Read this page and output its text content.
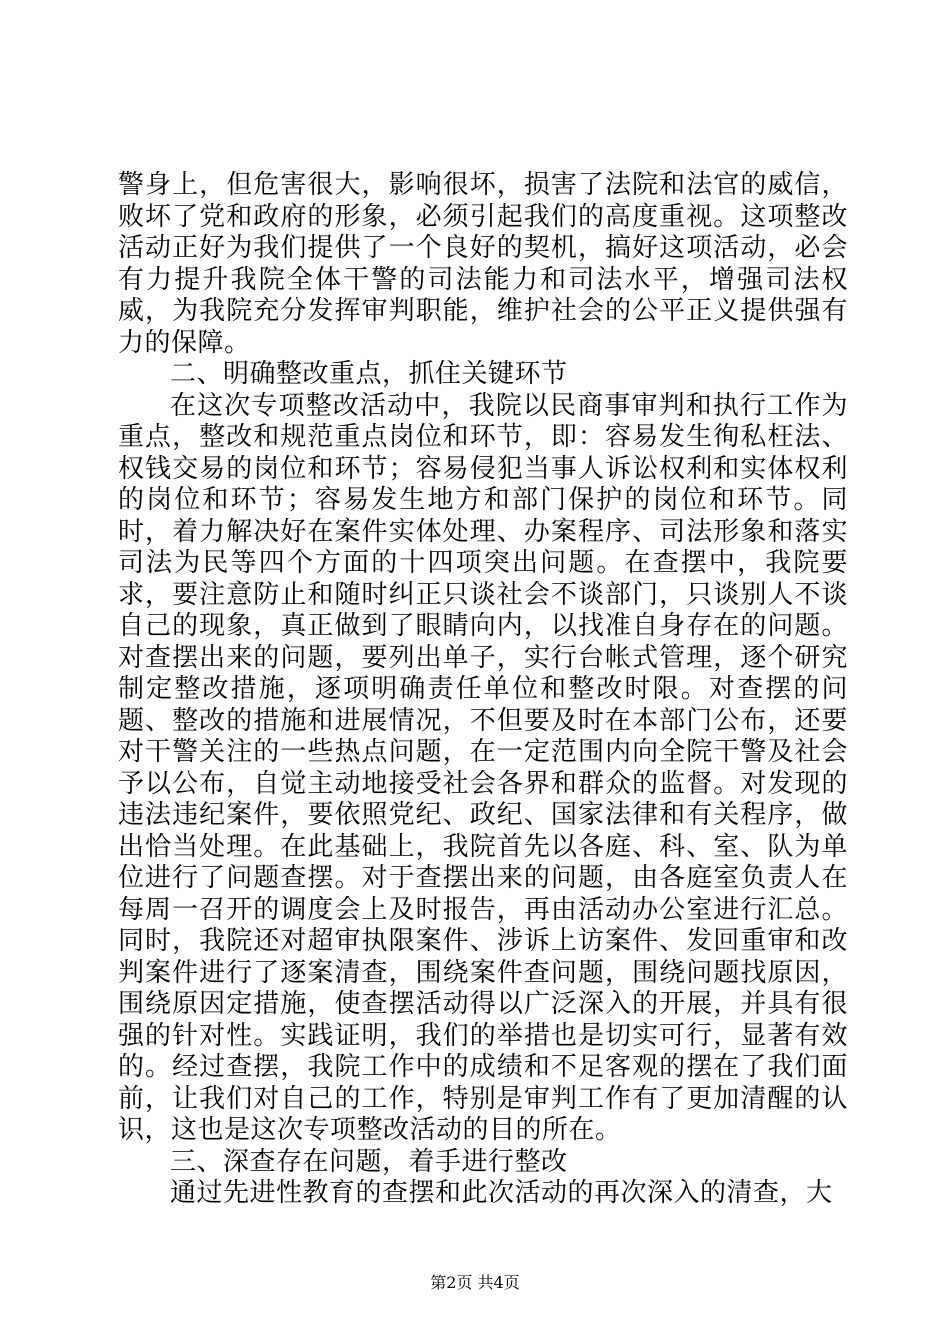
警身上，但危害很大，影响很坏，损害了法院和法官的威信，败坏了党和政府的形象，必须引起我们的高度重视。这项整改活动正好为我们提供了一个良好的契机，搞好这项活动，必会有力提升我院全体干警的司法能力和司法水平，增强司法权威，为我院充分发挥审判职能，维护社会的公平正义提供强有力的保障。

二、明确整改重点，抓住关键环节

在这次专项整改活动中，我院以民商事审判和执行工作为重点，整改和规范重点岗位和环节，即：容易发生徇私枉法、权钱交易的岗位和环节；容易侵犯当事人诉讼权利和实体权利的岗位和环节；容易发生地方和部门保护的岗位和环节。同时，着力解决好在案件实体处理、办案程序、司法形象和落实司法为民等四个方面的十四项突出问题。在查摆中，我院要求，要注意防止和随时纠正只谈社会不谈部门，只谈别人不谈自己的现象，真正做到了眼睛向内，以找准自身存在的问题。对查摆出来的问题，要列出单子，实行台帐式管理，逐个研究制定整改措施，逐项明确责任单位和整改时限。对查摆的问题、整改的措施和进展情况，不但要及时在本部门公布，还要对干警关注的一些热点问题，在一定范围内向全院干警及社会予以公布，自觉主动地接受社会各界和群众的监督。对发现的违法违纪案件，要依照党纪、政纪、国家法律和有关程序，做出恰当处理。在此基础上，我院首先以各庭、科、室、队为单位进行了问题查摆。对于查摆出来的问题，由各庭室负责人在每周一召开的调度会上及时报告，再由活动办公室进行汇总。同时，我院还对超审执限案件、涉诉上访案件、发回重审和改判案件进行了逐案清查，围绕案件查问题，围绕问题找原因，围绕原因定措施，使查摆活动得以广泛深入的开展，并具有很强的针对性。实践证明，我们的举措也是切实可行，显著有效的。经过查摆，我院工作中的成绩和不足客观的摆在了我们面前，让我们对自己的工作，特别是审判工作有了更加清醒的认识，这也是这次专项整改活动的目的所在。

三、深查存在问题，着手进行整改

通过先进性教育的查摆和此次活动的再次深入的清查，大

第2页 共4页
